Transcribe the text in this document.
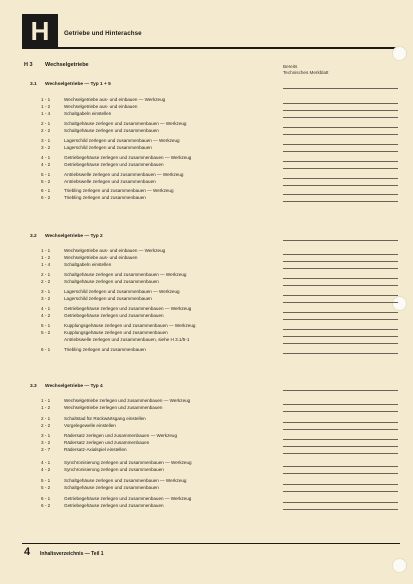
H	Getriebe und Hinterachse
H 3 Wechselgetriebe	Bereits
Technisches Merkblatt
3.1 Wechselgetriebe — Typ 1 + 5
1 - 1	Wechselgetriebe aus- und einbauen — Werkzeug
1 - 2	Wechselgetriebe aus- und einbauen
1 - 4	Schaltgabeln einstellen
2 - 1	Schaltgehäuse zerlegen und zusammenbauen — Werkzeug
2 - 2	Schaltgehäuse zerlegen und zusammenbauen
3 - 1	Lagerschild zerlegen und zusammenbauen — Werkzeug
3 - 2	Lagerschild zerlegen und zusammenbauen
4 - 1	Getriebegehäuse zerlegen und zusammenbauen — Werkzeug
4 - 2	Getriebegehäuse zerlegen und zusammenbauen
5 - 1	Antriebswelle zerlegen und zusammenbauen — Werkzeug
5 - 2	Antriebswelle zerlegen und zusammenbauen
6 - 1	Triebling zerlegen und zusammenbauen — Werkzeug
6 - 2	Triebling zerlegen und zusammenbauen
3.2 Wechselgetriebe — Typ 2
1 - 1	Wechselgetriebe aus- und einbauen — Werkzeug
1 - 2	Wechselgetriebe aus- und einbauen
1 - 4	Schaltgabeln einstellen
2 - 1	Schaltgehäuse zerlegen und zusammenbauen — Werkzeug
2 - 2	Schaltgehäuse zerlegen und zusammenbauen
3 - 1	Lagerschild zerlegen und zusammenbauen — Werkzeug
3 - 2	Lagerschild zerlegen und zusammenbauen
4 - 1	Getriebegehäuse zerlegen und zusammenbauen — Werkzeug
4 - 2	Getriebegehäuse zerlegen und zusammenbauen
5 - 1	Kupplungsgehäuse zerlegen und zusammenbauen — Werkzeug
5 - 2	Kupplungsgehäuse zerlegen und zusammenbauen
Antriebswelle zerlegen und zusammenbauen, siehe H 3.1/5-1
6 - 1	Triebling zerlegen und zusammenbauen
3.3 Wechselgetriebe — Typ 4
1 - 1	Wechselgetriebe zerlegen und zusammenbauen — Werkzeug
1 - 2	Wechselgetriebe zerlegen und zusammenbauen
2 - 1	Schaltstad für Rückwärtsgang einstellen
2 - 2	Vorgelegewelle einstellen
3 - 1	Rädersatz zerlegen und zusammenbauen — Werkzeug
3 - 2	Rädersatz zerlegen und zusammenbauen
3 - 7	Rädersatz-Axialspiel einstellen
4 - 1	Synchronisierung zerlegen und zusammenbauen — Werkzeug
4 - 2	Synchronisierung zerlegen und zusammenbauen
5 - 1	Schaltgehäuse zerlegen und zusammenbauen — Werkzeug
5 - 2	Schaltgehäuse zerlegen und zusammenbauen
6 - 1	Getriebegehäuse zerlegen und zusammenbauen — Werkzeug
6 - 2	Getriebegehäuse zerlegen und zusammenbauen
4 Inhaltsverzeichnis — Teil 1
